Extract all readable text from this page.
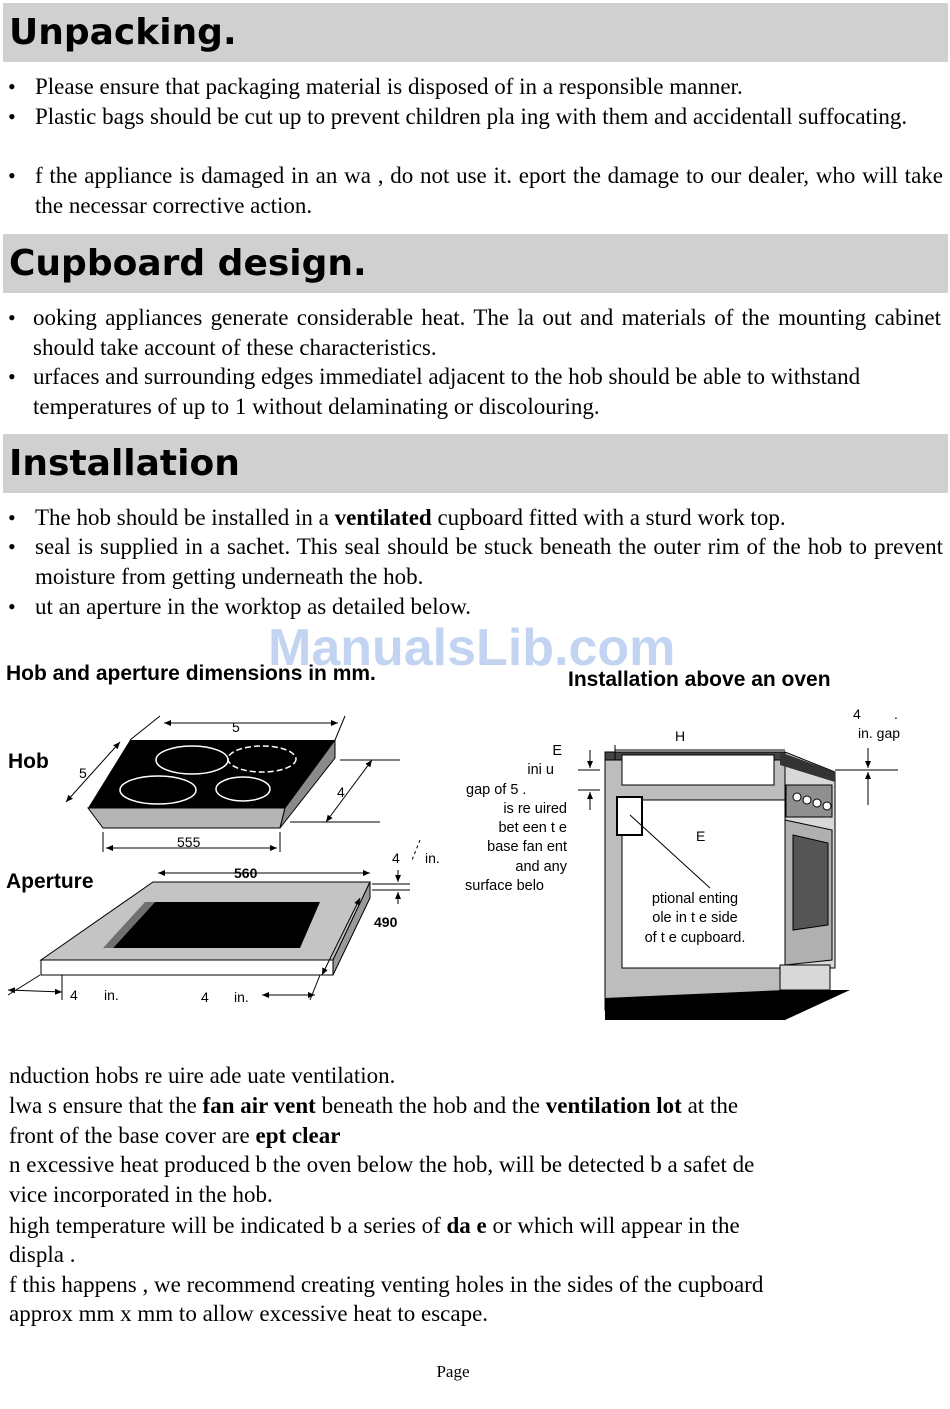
Unpacking.
• Please ensure that packaging material is disposed of in a responsible manner.
• Plastic bags should be cut up to prevent children pla ing with them and accidentall suffocating.
• f the appliance is damaged in an wa , do not use it. eport the damage to our dealer, who will take the necessar corrective action.
Cupboard design.
• ooking appliances generate considerable heat. The la out and materials of the mounting cabinet should take account of these characteristics.
• urfaces and surrounding edges immediatel adjacent to the hob should be able to withstand temperatures of up to 1 without delaminating or discolouring.
Installation
• The hob should be installed in a ventilated cupboard fitted with a sturd work top.
• seal is supplied in a sachet. This seal should be stuck beneath the outer rim of the hob to prevent moisture from getting underneath the hob.
• ut an aperture in the worktop as detailed below.
ManualsLib.com
Hob and aperture dimensions in mm.	Installation above an oven
Hob
Aperture
5
5
4
555
560
490
4 in.
4 in.	4 in.
4 .
in. gap
H
E
E
ini u
gap of 5 .
is re uired
bet een t e
base fan ent
and any
surface belo
ptional enting
ole in t e side
of t e cupboard.
nduction hobs re uire ade uate ventilation.
lwa s ensure that the fan air vent beneath the hob and the ventilation lot at the
front of the base cover are ept clear
n excessive heat produced b the oven below the hob, will be detected b a safet de
vice incorporated in the hob.
high temperature will be indicated b a series of da e or which will appear in the
displa .
f this happens , we recommend creating venting holes in the sides of the cupboard
approx mm x mm to allow excessive heat to escape.
Page
